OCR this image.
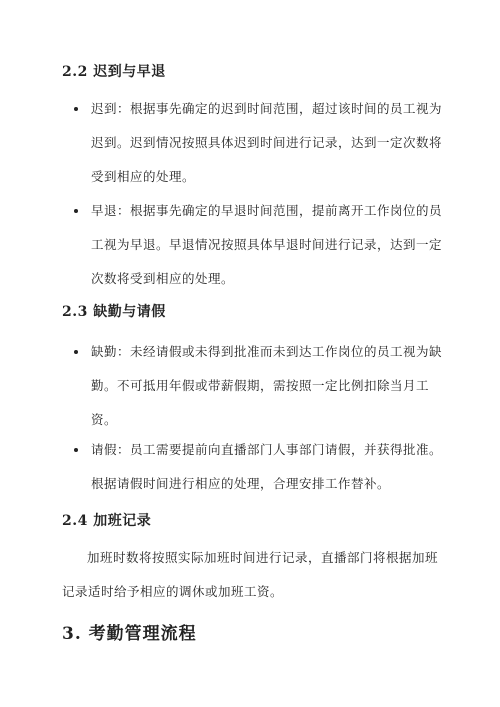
2.2 迟到与早退
迟到：根据事先确定的迟到时间范围，超过该时间的员工视为迟到。迟到情况按照具体迟到时间进行记录，达到一定次数将受到相应的处理。
早退：根据事先确定的早退时间范围，提前离开工作岗位的员工视为早退。早退情况按照具体早退时间进行记录，达到一定次数将受到相应的处理。
2.3 缺勤与请假
缺勤：未经请假或未得到批准而未到达工作岗位的员工视为缺勤。不可抵用年假或带薪假期，需按照一定比例扣除当月工资。
请假：员工需要提前向直播部门人事部门请假，并获得批准。根据请假时间进行相应的处理，合理安排工作替补。
2.4 加班记录
加班时数将按照实际加班时间进行记录，直播部门将根据加班记录适时给予相应的调休或加班工资。
3. 考勤管理流程
